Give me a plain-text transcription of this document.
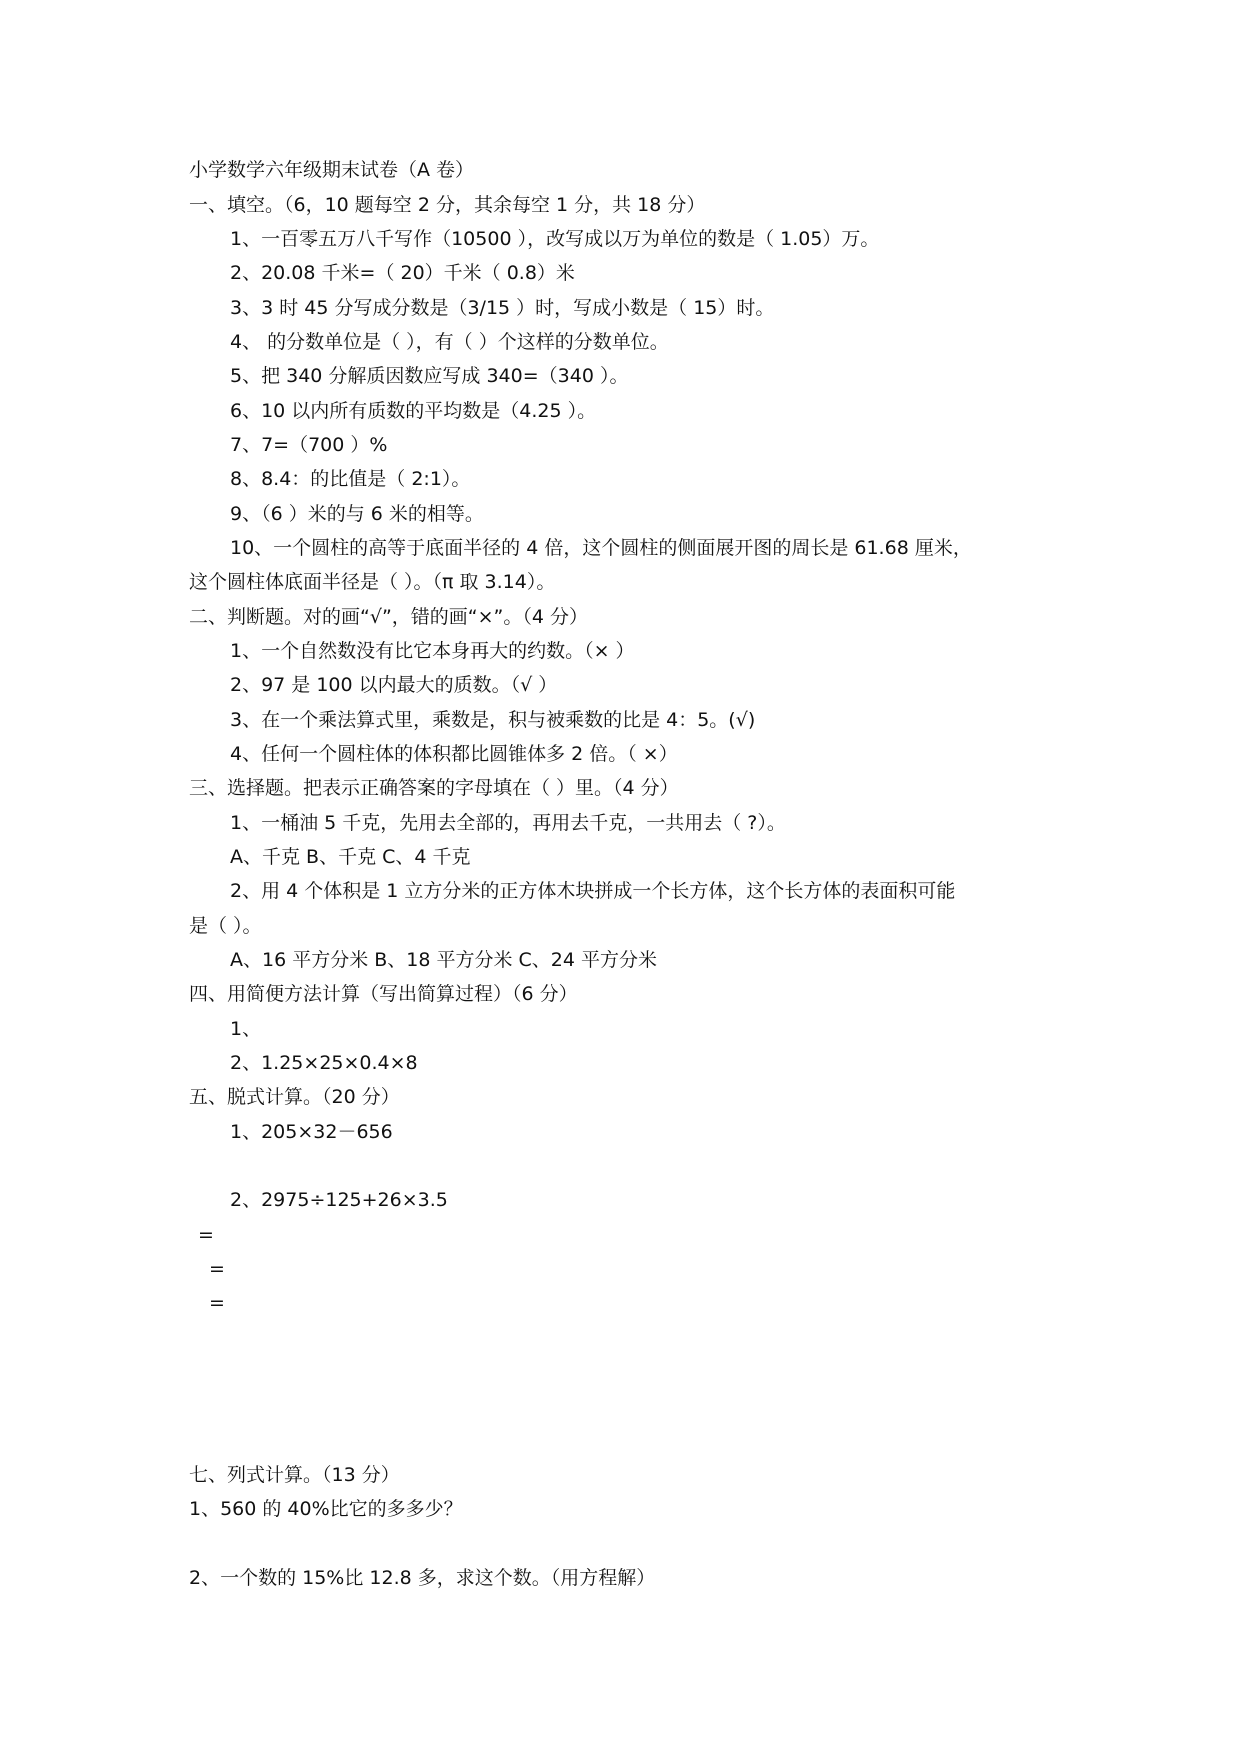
小学数学六年级期末试卷（A 卷）
一、填空。（6，10 题每空 2 分，其余每空 1 分，共 18 分）
1、一百零五万八千写作（10500 ），改写成以万为单位的数是（ 1.05）万。
2、20.08 千米=（ 20）千米（ 0.8）米
3、3 时 45 分写成分数是（3/15 ）时，写成小数是（ 15）时。
4、 的分数单位是（ ），有（ ）个这样的分数单位。
5、把 340 分解质因数应写成 340=（340 ）。
6、10 以内所有质数的平均数是（4.25 ）。
7、7=（700 ）%
8、8.4：的比值是（ 2:1）。
9、（6 ）米的与 6 米的相等。
10、一个圆柱的高等于底面半径的 4 倍，这个圆柱的侧面展开图的周长是 61.68 厘米，
这个圆柱体底面半径是（ ）。（π 取 3.14）。
二、判断题。对的画“√”，错的画“×”。（4 分）
1、一个自然数没有比它本身再大的约数。（× ）
2、97 是 100 以内最大的质数。（√ ）
3、在一个乘法算式里，乘数是，积与被乘数的比是 4：5。(√)
4、任何一个圆柱体的体积都比圆锥体多 2 倍。（ ×）
三、选择题。把表示正确答案的字母填在（ ）里。（4 分）
1、一桶油 5 千克，先用去全部的，再用去千克，一共用去（ ?）。
A、千克 B、千克 C、4 千克
2、用 4 个体积是 1 立方分米的正方体木块拼成一个长方体，这个长方体的表面积可能
是（ ）。
A、16 平方分米 B、18 平方分米 C、24 平方分米
四、用简便方法计算（写出简算过程）（6 分）
1、
2、1.25×25×0.4×8
五、脱式计算。（20 分）
1、205×32－656
2、2975÷125+26×3.5
=
=
=
七、列式计算。（13 分）
1、560 的 40%比它的多多少？
2、一个数的 15%比 12.8 多，求这个数。（用方程解）
